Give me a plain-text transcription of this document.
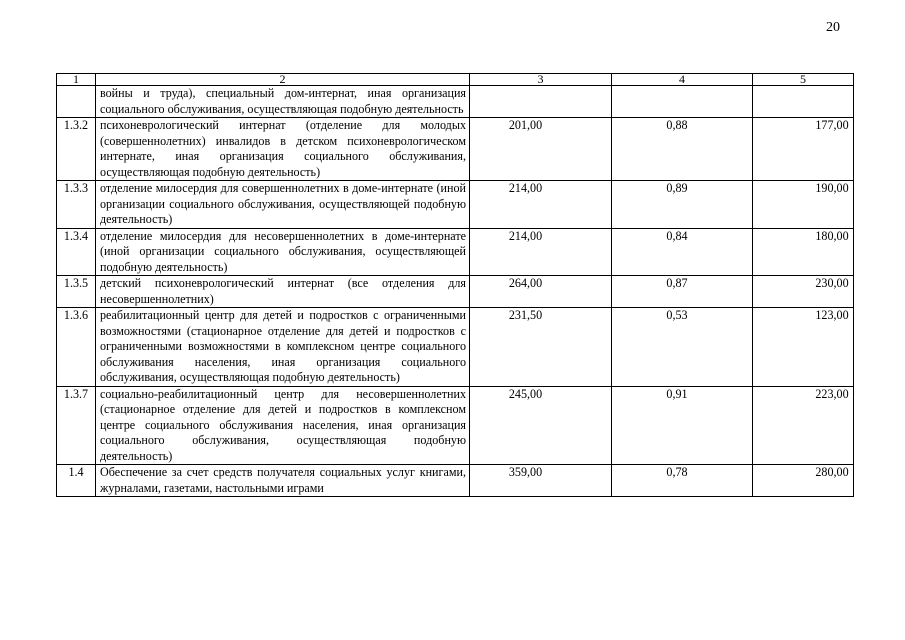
20
1	2	3	4	5
	войны и труда), специальный дом-интернат, иная организация социального обслуживания, осуществляющая подобную деятельность			
1.3.2	психоневрологический интернат (отделение для молодых (совершеннолетних) инвалидов в детском психоневрологическом интернате, иная организация социального обслуживания, осуществляющая подобную деятельность)	201,00	0,88	177,00
1.3.3	отделение милосердия для совершеннолетних в доме-интернате (иной организации социального обслуживания, осуществляющей подобную деятельность)	214,00	0,89	190,00
1.3.4	отделение милосердия для несовершеннолетних в доме-интернате (иной организации социального обслуживания, осуществляющей подобную деятельность)	214,00	0,84	180,00
1.3.5	детский психоневрологический интернат (все отделения для несовершеннолетних)	264,00	0,87	230,00
1.3.6	реабилитационный центр для детей и подростков с ограниченными возможностями (стационарное отделение для детей и подростков с ограниченными возможностями в комплексном центре социального обслуживания населения, иная организация социального обслуживания, осуществляющая подобную деятельность)	231,50	0,53	123,00
1.3.7	социально-реабилитационный центр для несовершеннолетних (стационарное отделение для детей и подростков в комплексном центре социального обслуживания населения, иная организация социального обслуживания, осуществляющая подобную деятельность)	245,00	0,91	223,00
1.4	Обеспечение за счет средств получателя социальных услуг книгами, журналами, газетами, настольными играми	359,00	0,78	280,00
